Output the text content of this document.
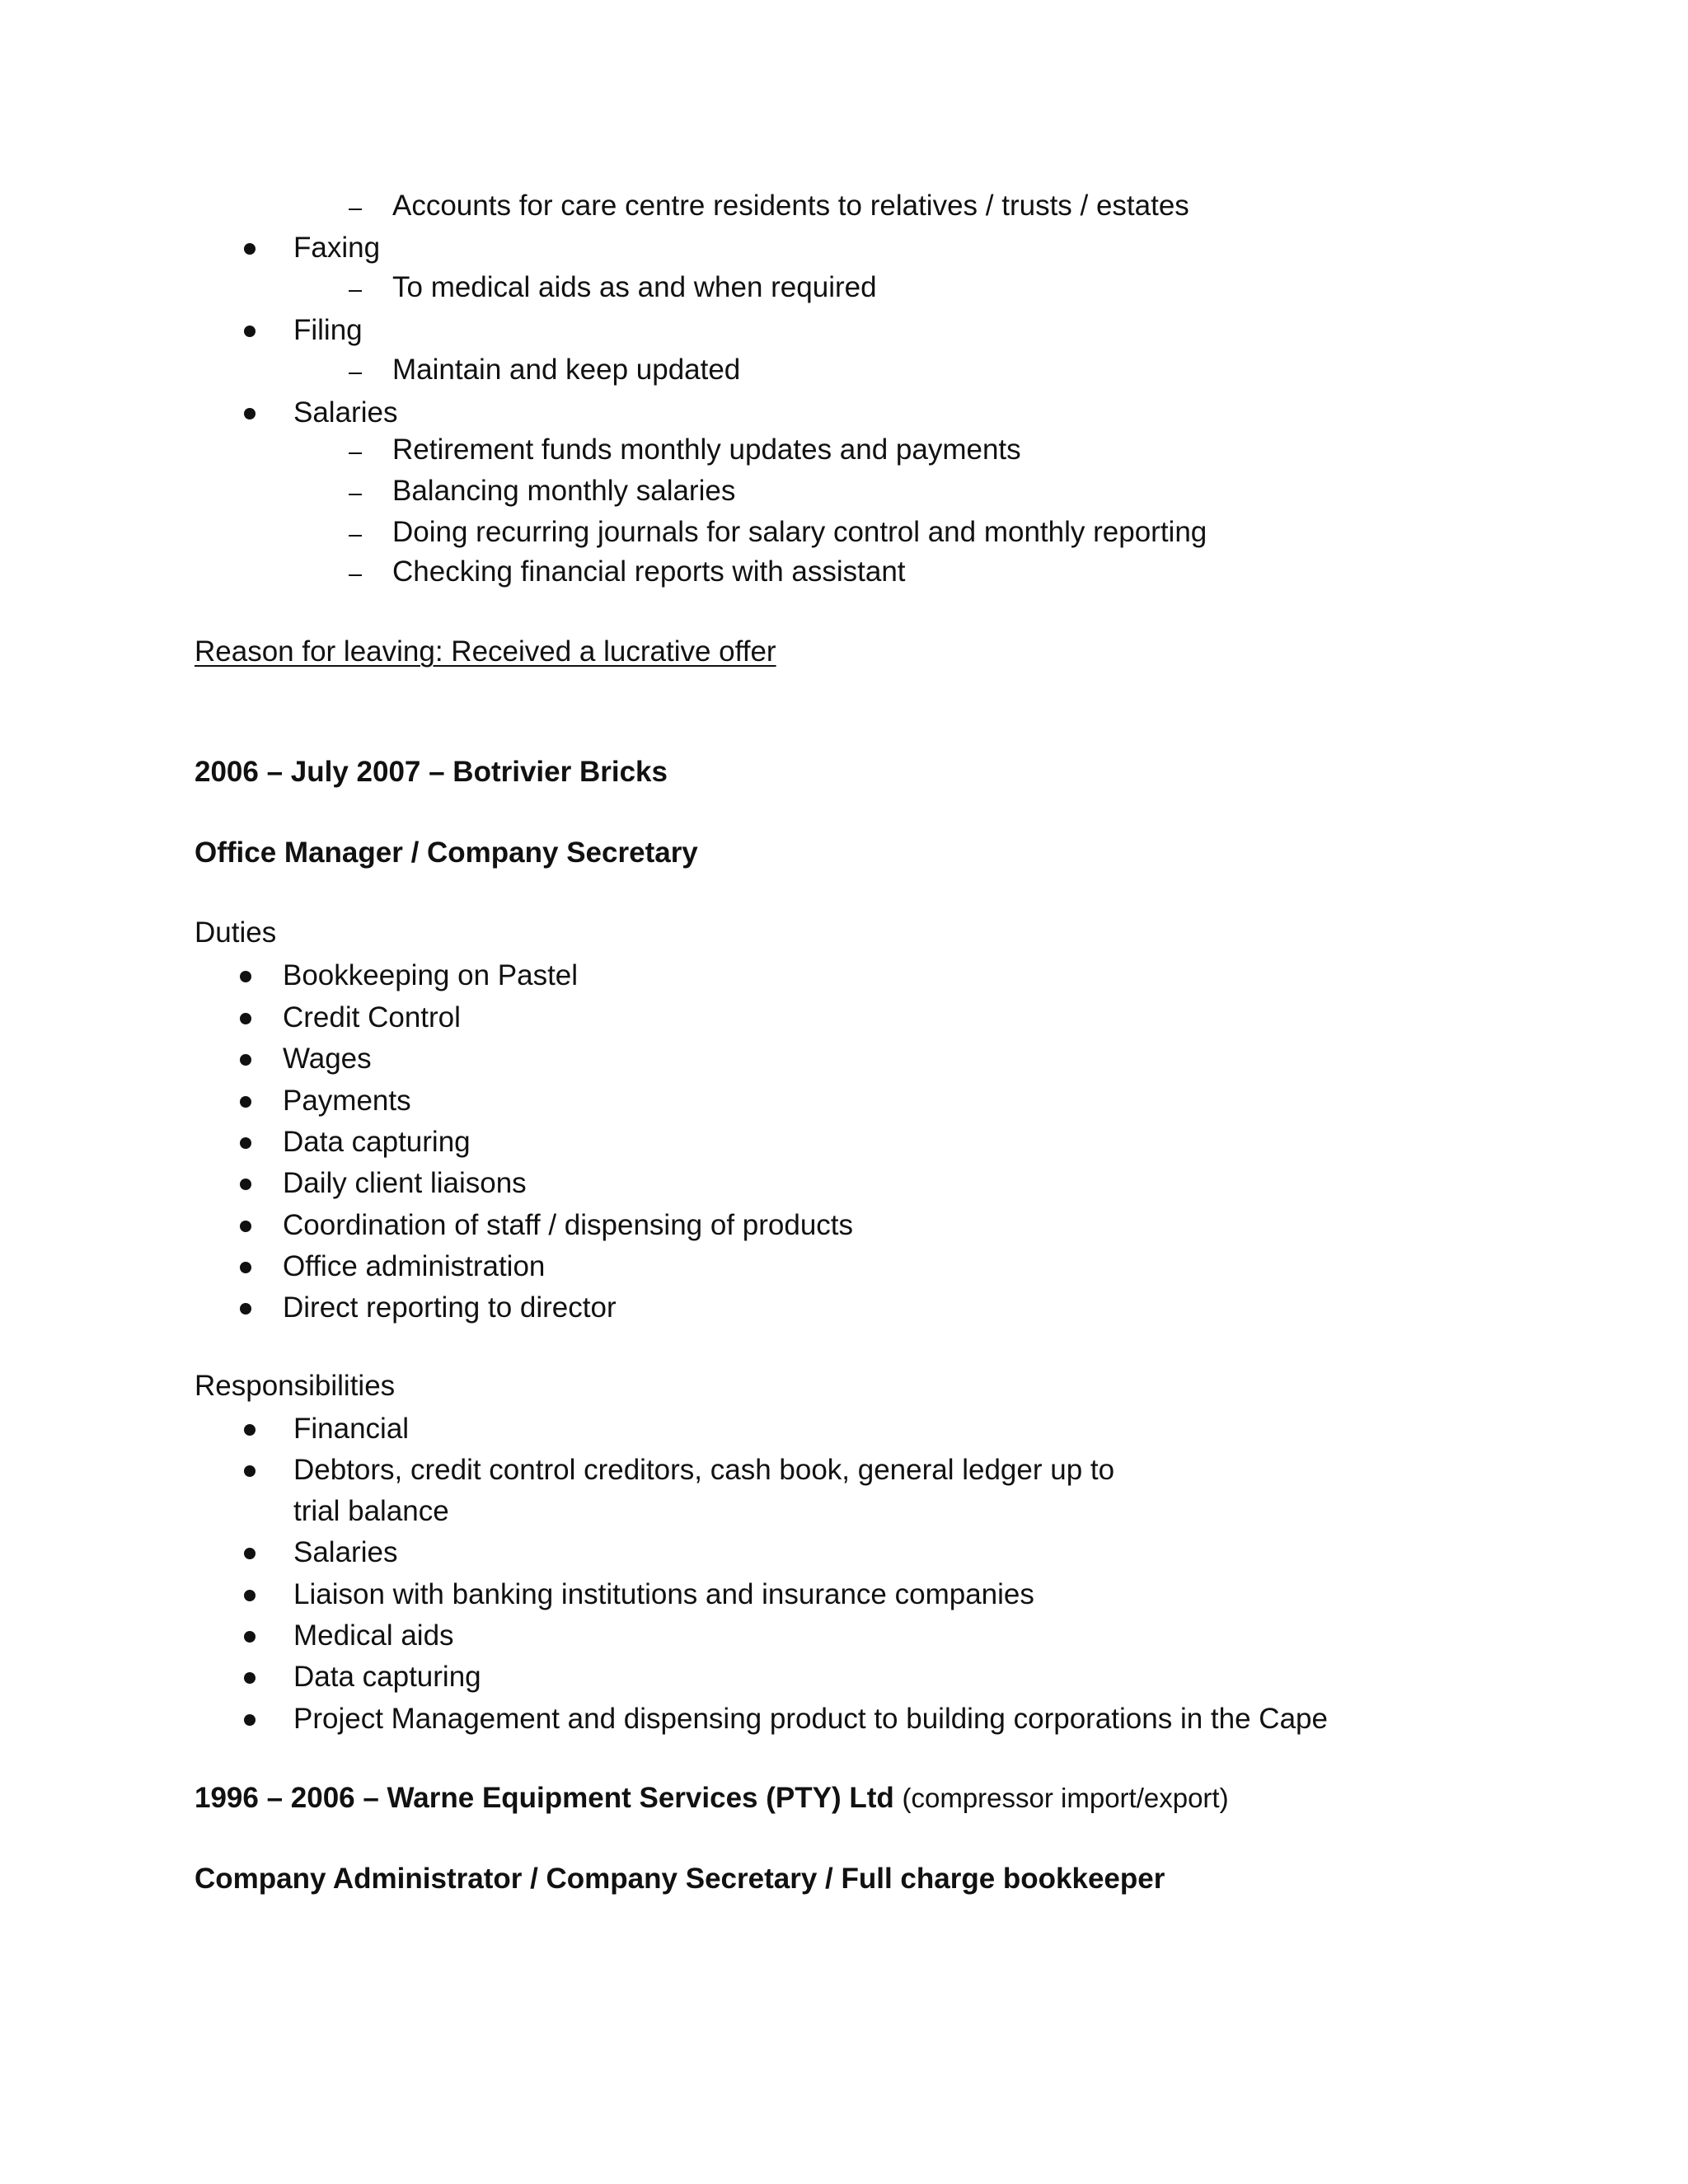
Accounts for care centre residents to relatives / trusts / estates
Faxing
To medical aids as and when required
Filing
Maintain and keep updated
Salaries
Retirement funds monthly updates and payments
Balancing monthly salaries
Doing recurring journals for salary control and monthly reporting
Checking financial reports with assistant
Reason for leaving: Received a lucrative offer
2006 – July 2007 – Botrivier Bricks
Office Manager / Company Secretary
Duties
Bookkeeping on Pastel
Credit Control
Wages
Payments
Data capturing
Daily client liaisons
Coordination of staff / dispensing of products
Office administration
Direct reporting to director
Responsibilities
Financial
Debtors, credit control creditors, cash book, general ledger up to
trial balance
Salaries
Liaison with banking institutions and insurance companies
Medical aids
Data capturing
Project Management and dispensing product to building corporations in the Cape
1996 – 2006 – Warne Equipment Services (PTY) Ltd (compressor import/export)
Company Administrator / Company Secretary / Full charge bookkeeper
